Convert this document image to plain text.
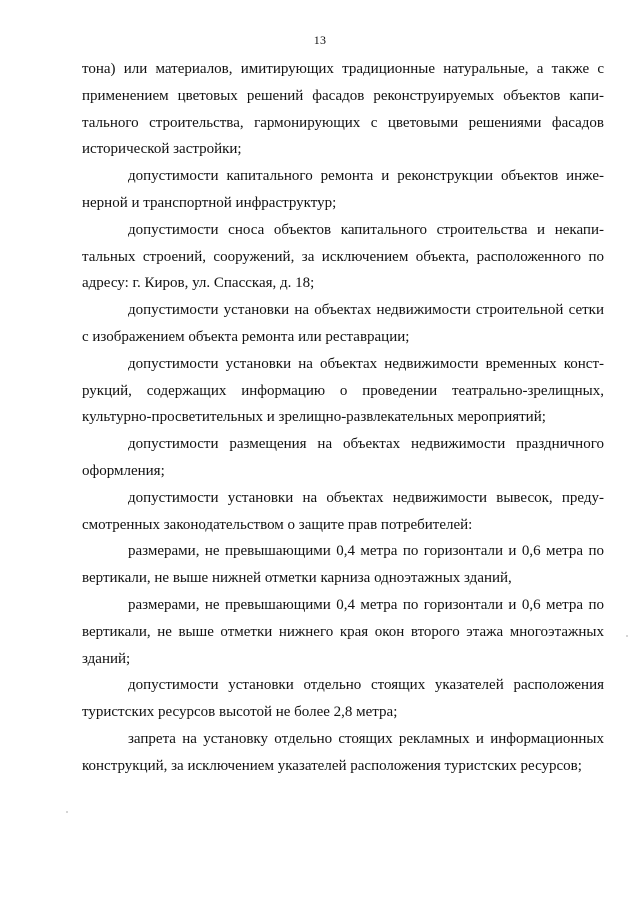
13

тона) или материалов, имитирующих традиционные натуральные, а также с применением цветовых решений фасадов реконструируемых объектов капитального строительства, гармонирующих с цветовыми решениями фасадов исторической застройки;

допустимости капитального ремонта и реконструкции объектов инженерной и транспортной инфраструктур;

допустимости сноса объектов капитального строительства и некапитальных строений, сооружений, за исключением объекта, расположенного по адресу: г. Киров, ул. Спасская, д. 18;

допустимости установки на объектах недвижимости строительной сетки с изображением объекта ремонта или реставрации;

допустимости установки на объектах недвижимости временных конструкций, содержащих информацию о проведении театрально-зрелищных, культурно-просветительных и зрелищно-развлекательных мероприятий;

допустимости размещения на объектах недвижимости праздничного оформления;

допустимости установки на объектах недвижимости вывесок, предусмотренных законодательством о защите прав потребителей:

размерами, не превышающими 0,4 метра по горизонтали и 0,6 метра по вертикали, не выше нижней отметки карниза одноэтажных зданий,

размерами, не превышающими 0,4 метра по горизонтали и 0,6 метра по вертикали, не выше отметки нижнего края окон второго этажа многоэтажных зданий;

допустимости установки отдельно стоящих указателей расположения туристских ресурсов высотой не более 2,8 метра;

запрета на установку отдельно стоящих рекламных и информационных конструкций, за исключением указателей расположения туристских ресурсов;
